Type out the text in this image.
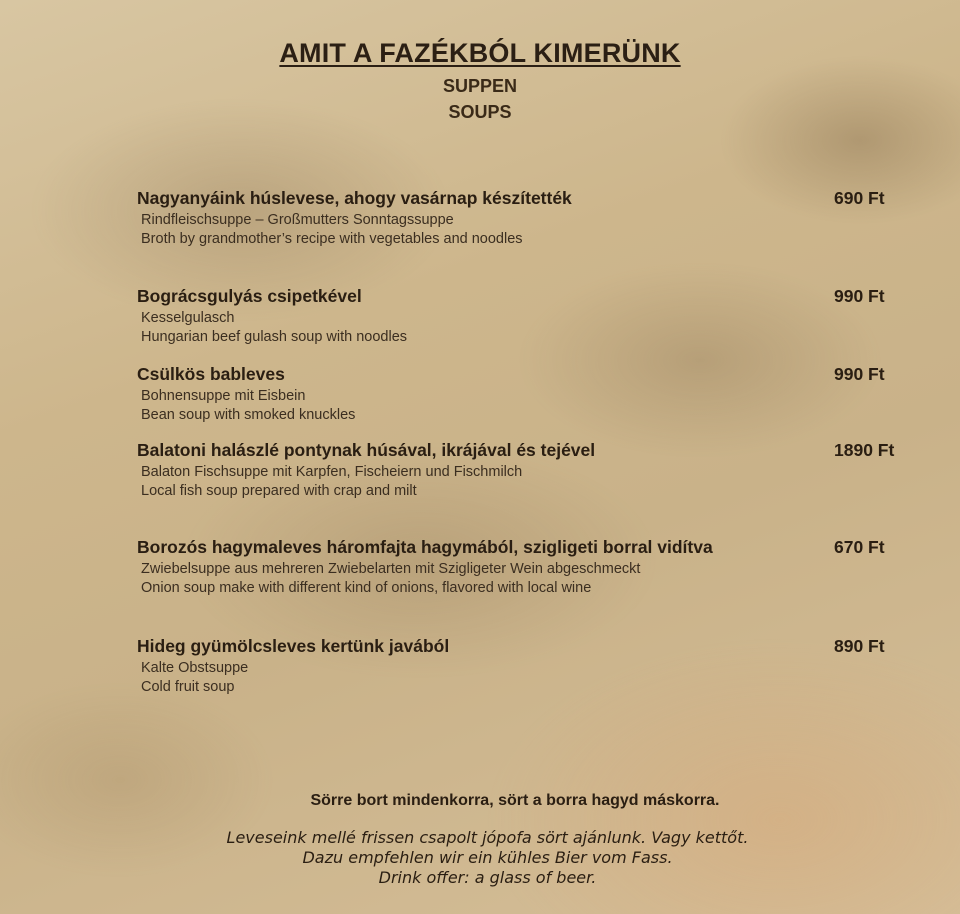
AMIT A FAZÉKBÓL KIMERÜNK
SUPPEN
SOUPS
Nagyanyáink húslevese, ahogy vasárnap készítették	690 Ft
Rindfleischsuppe – Großmutters Sonntagssuppe
Broth by grandmother’s recipe with vegetables and noodles
Bográcsgulyás csipetkével	990 Ft
Kesselgulasch
Hungarian beef gulash soup with noodles
Csülkös bableves	990 Ft
Bohnensuppe mit Eisbein
Bean soup with smoked knuckles
Balatoni halászlé pontynak húsával, ikrájával és tejével	1890 Ft
Balaton Fischsuppe mit Karpfen, Fischeiern und Fischmilch
Local fish soup prepared with crap and milt
Borozós hagymaleves háromfajta hagymából, szigligeti borral vidítva	670 Ft
Zwiebelsuppe aus mehreren Zwiebelarten mit Szigligeter Wein abgeschmeckt
Onion soup make with different kind of onions, flavored with local wine
Hideg gyümölcsleves kertünk javából	890 Ft
Kalte Obstsuppe
Cold fruit soup
Sörre bort mindenkorra, sört a borra hagyd máskorra.
Leveseink mellé frissen csapolt jópofa sört ajánlunk. Vagy kettőt.
Dazu empfehlen wir ein kühles Bier vom Fass.
Drink offer: a glass of beer.
